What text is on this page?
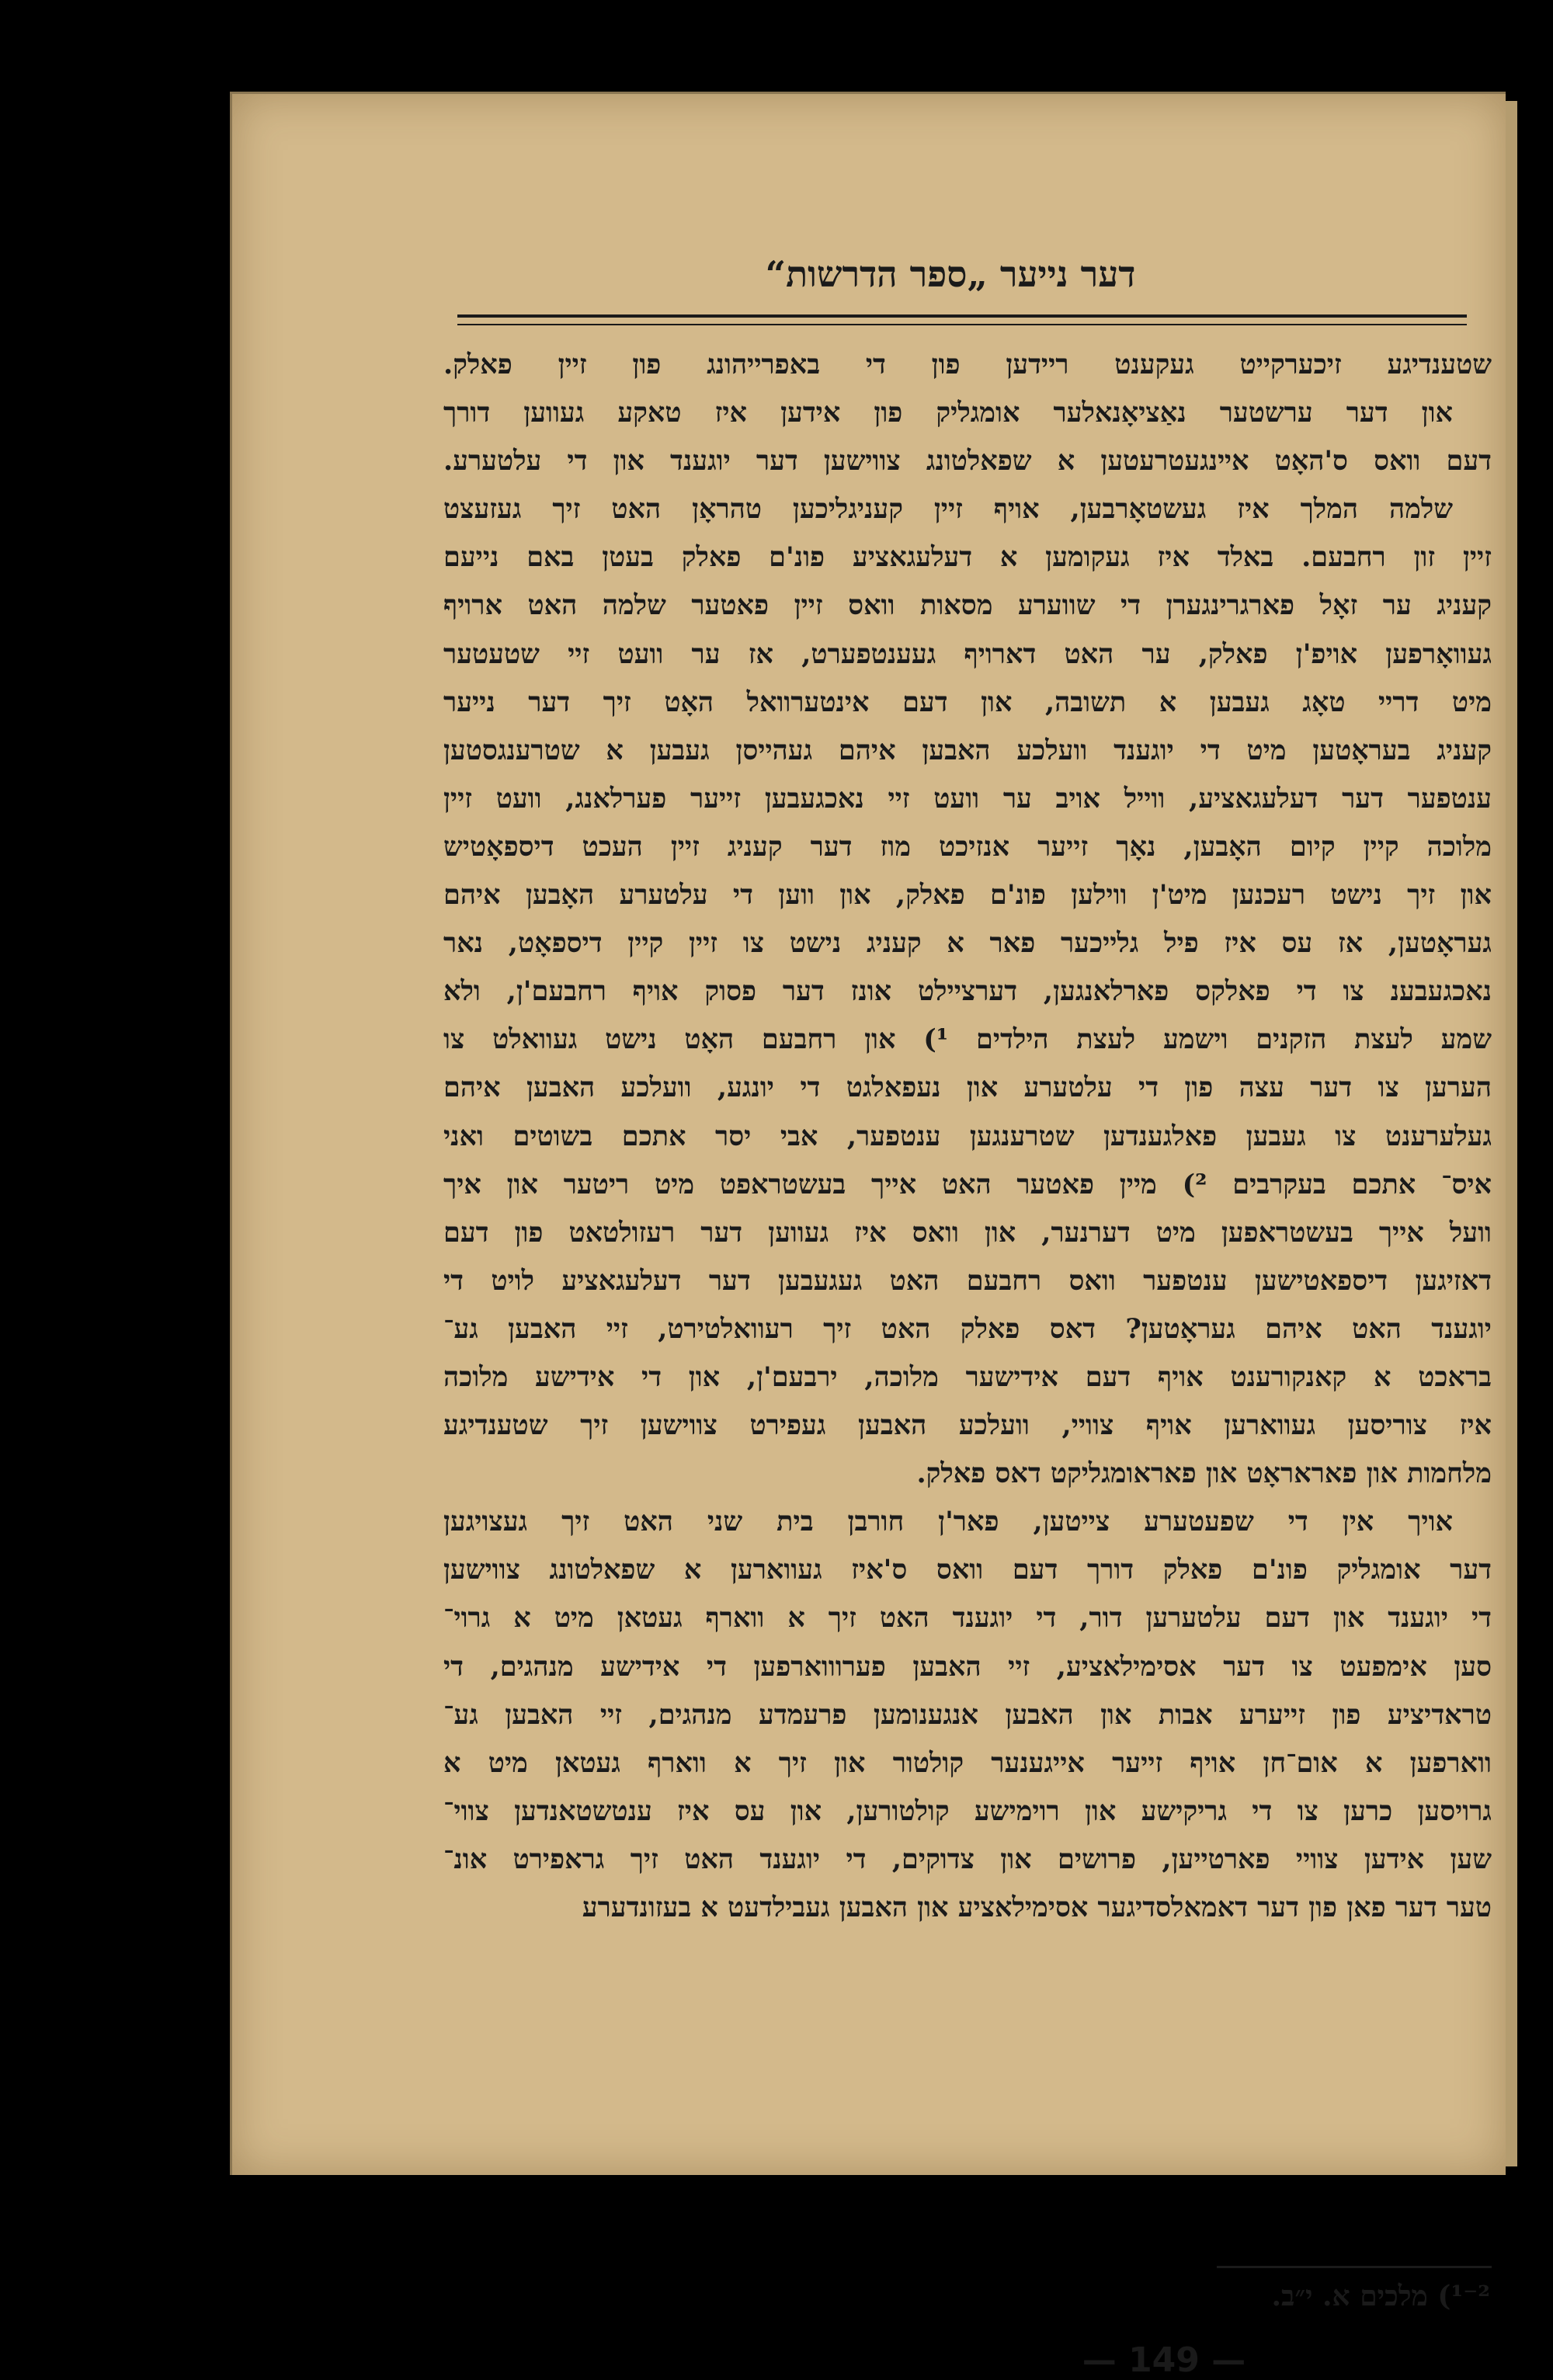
דער נייער „ספר הדרשות“
שטענדיגע זיכערקייט געקענט ריידען פון די באפרייהונג פון זיין פאלק.
און דער ערשטער נאַציאָנאלער אומגליק פון אידען איז טאקע געווען דורך
דעם וואס ס'האָט אײנגעטרעטען א שפאלטונג צווישען דער יוגענד און די עלטערע.
שלמה המלך איז געשטאָרבען, אויף זיין קעניגליכען טהראָן האט זיך געזעצט
זיין זון רחבעם. באלד איז געקומען א דעלעגאציע פונ'ם פאלק בעטן באם נייעם
קעניג ער זאָל פארגרינגערן די שווערע מסאות וואס זיין פאטער שלמה האט ארויף
געוואָרפען אויפ'ן פאלק, ער האט דארויף געענטפערט, אז ער וועט זיי שטעטער
מיט דריי טאָג געבען א תשובה, און דעם אינטערוואל האָט זיך דער נייער
קעניג בעראָטען מיט די יוגענד וועלכע האבען איהם געהייסן געבען א שטרענגסטען
ענטפער דער דעלעגאציע, ווייל אויב ער וועט זיי נאכגעבען זייער פערלאנג, וועט זיין
מלוכה קיין קיום האָבען, נאָך זייער אנזיכט מוז דער קעניג זיין העכט דיספאָטיש
און זיך נישט רעכנען מיט'ן ווילען פונ'ם פאלק, און ווען די עלטערע האָבען איהם
געראָטען, אז עס איז פיל גלייכער פאר א קעניג נישט צו זיין קיין דיספאָט, נאר
נאכגעבענ צו די פאלקס פארלאנגען, דערציילט אונז דער פסוק אויף רחבעם'ן, ולא
שמע לעצת הזקנים וישמע לעצת הילדים ¹) און רחבעם האָט נישט געוואלט צו
הערען צו דער עצה פון די עלטערע און נעפאלגט די יונגע, וועלכע האבען איהם
געלערענט צו געבען פאלגענדען שטרענגען ענטפער, אבי יסר אתכם בשוטים ואני
איס־ אתכם בעקרבים ²) מיין פאטער האט אייך בעשטראפט מיט ריטער און איך
וועל אייך בעשטראפען מיט דערנער, און וואס איז געווען דער רעזולטאט פון דעם
דאזיגען דיספאטישען ענטפער וואס רחבעם האט געגעבען דער דעלעגאציע לויט די
יוגענד האט איהם געראָטען? דאס פאלק האט זיך רעוואלטירט, זיי האבען גע־
בראכט א קאנקורענט אויף דעם אידישער מלוכה, ירבעם'ן, און די אידישע מלוכה
איז צוריסען געווארען אויף צוויי, וועלכע האבען געפירט צווישען זיך שטענדיגע
מלחמות און פאראראָט און פאראומגליקט דאס פאלק.
אויך אין די שפעטערע צייטען, פאר'ן חורבן בית שני האט זיך געצויגען
דער אומגליק פונ'ם פאלק דורך דעם וואס ס'איז געווארען א שפאלטונג צווישען
די יוגענד און דעם עלטערען דור, די יוגענד האט זיך א ווארף געטאן מיט א גרוי־
סען אימפעט צו דער אסימילאציע, זיי האבען פערוווארפען די אידישע מנהגים, די
טראדיציע פון זייערע אבות און האבען אנגענומען פרעמדע מנהגים, זיי האבען גע־
ווארפען א אום־חן אויף זייער אייגענער קולטור און זיך א ווארף געטאן מיט א
גרויסען כרען צו די גריקישע און רוימישע קולטורען, און עס איז ענטשטאנדען צווי־
שען אידען צוויי פארטייען, פרושים און צדוקים, די יוגענד האט זיך גראפירט אונ־
טער דער פאן פון דער דאמאלסדיגער אסימילאציע און האבען געבילדעט א בעזונדערע
¹⁻²) מלכים א. י״ב.
— 149 —
